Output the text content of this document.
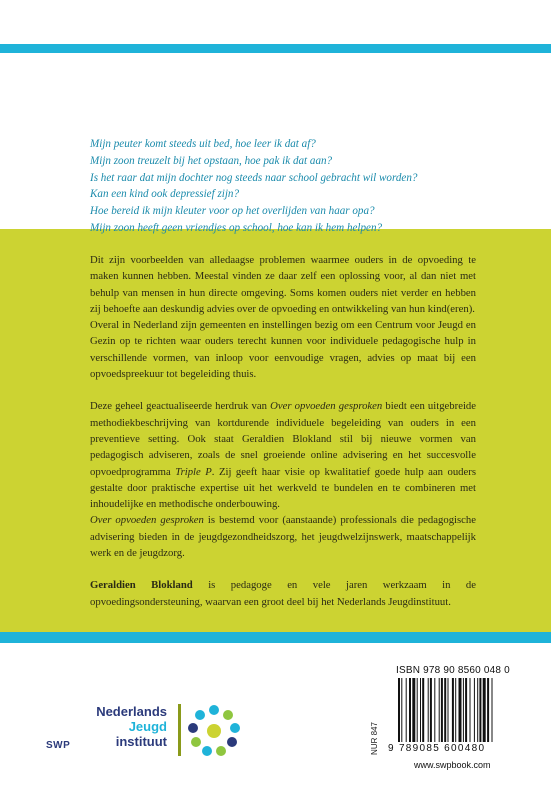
Mijn peuter komt steeds uit bed, hoe leer ik dat af?
Mijn zoon treuzelt bij het opstaan, hoe pak ik dat aan?
Is het raar dat mijn dochter nog steeds naar school gebracht wil worden?
Kan een kind ook depressief zijn?
Hoe bereid ik mijn kleuter voor op het overlijden van haar opa?
Mijn zoon heeft geen vriendjes op school, hoe kan ik hem helpen?

Dit zijn voorbeelden van alledaagse problemen waarmee ouders in de opvoeding te maken kunnen hebben. Meestal vinden ze daar zelf een oplossing voor, al dan niet met behulp van mensen in hun directe omgeving. Soms komen ouders niet verder en hebben zij behoefte aan deskundig advies over de opvoeding en ontwikkeling van hun kind(eren).

Overal in Nederland zijn gemeenten en instellingen bezig om een Centrum voor Jeugd en Gezin op te richten waar ouders terecht kunnen voor individuele pedagogische hulp in verschillende vormen, van inloop voor eenvoudige vragen, advies op maat bij een opvoedspreekuur tot begeleiding thuis.

Deze geheel geactualiseerde herdruk van Over opvoeden gesproken biedt een uitgebreide methodiekbeschrijving van kortdurende individuele begeleiding van ouders in een preventieve setting. Ook staat Geraldien Blokland stil bij nieuwe vormen van pedagogisch adviseren, zoals de snel groeiende online advisering en het succesvolle opvoedprogramma Triple P. Zij geeft haar visie op kwalitatief goede hulp aan ouders gestalte door praktische expertise uit het werkveld te bundelen en te combineren met inhoudelijke en methodische onderbouwing.

Over opvoeden gesproken is bestemd voor (aanstaande) professionals die pedagogische advisering bieden in de jeugdgezondheidszorg, het jeugdwelzijnswerk, maatschappelijk werk en de jeugdzorg.

Geraldien Blokland is pedagoge en vele jaren werkzaam in de opvoedingsondersteuning, waarvan een groot deel bij het Nederlands Jeugdinstituut.

Nederlands
Jeugd
instituut
SWP	NUR 847
ISBN 978 90 8560 048 0
9 789085 600480
www.swpbook.com
